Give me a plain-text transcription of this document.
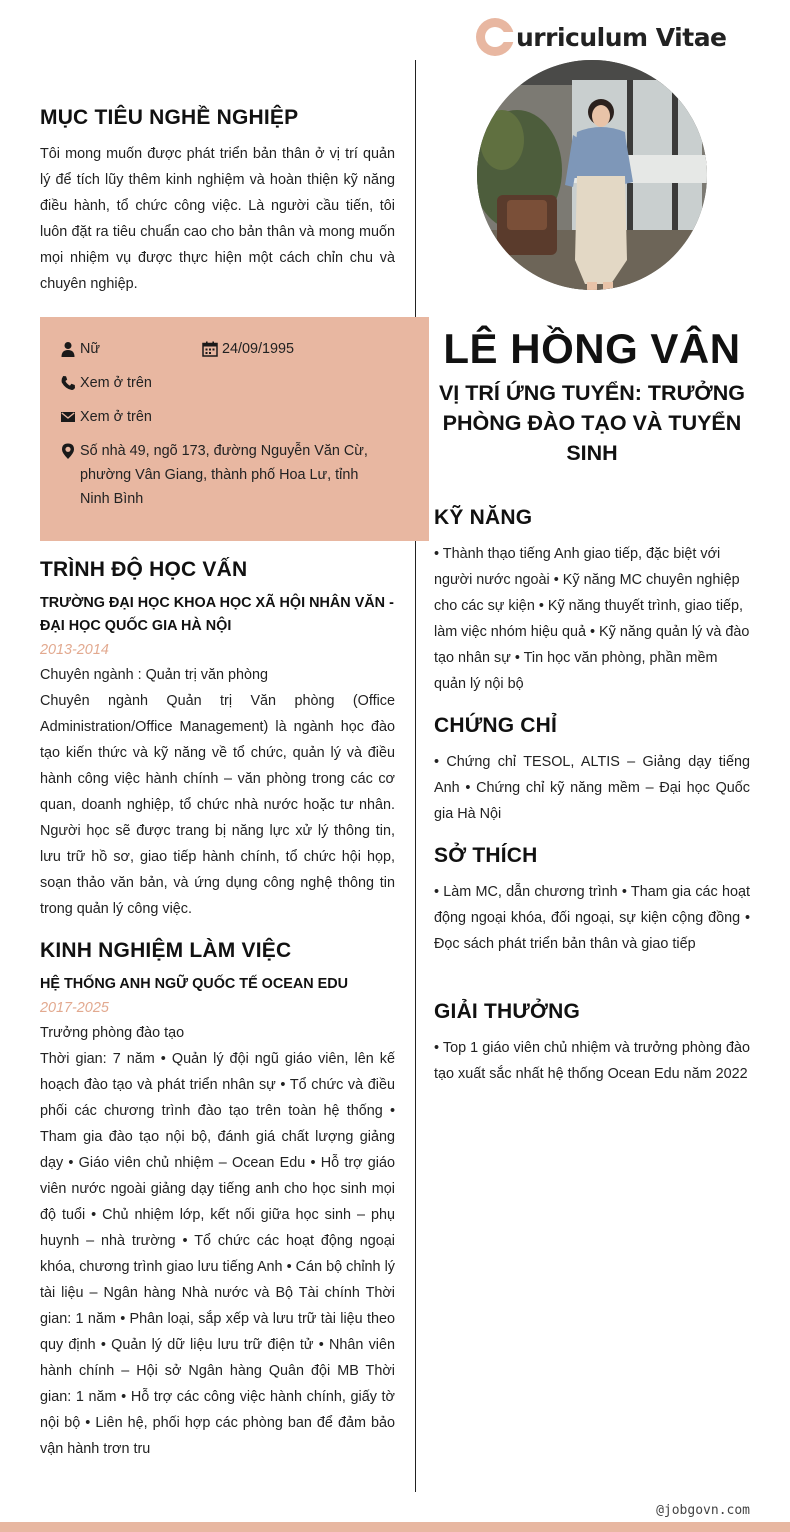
urriculum Vitae
MỤC TIÊU NGHỀ NGHIỆP

Tôi mong muốn được phát triển bản thân ở vị trí quản lý để tích lũy thêm kinh nghiệm và hoàn thiện kỹ năng điều hành, tổ chức công việc. Là người cầu tiến, tôi luôn đặt ra tiêu chuẩn cao cho bản thân và mong muốn mọi nhiệm vụ được thực hiện một cách chỉn chu và chuyên nghiệp.

Nữ	24/09/1995
Xem ở trên
Xem ở trên
Số nhà 49, ngõ 173, đường Nguyễn Văn Cừ, phường Vân Giang, thành phố Hoa Lư, tỉnh Ninh Bình
TRÌNH ĐỘ HỌC VẤN
TRƯỜNG ĐẠI HỌC KHOA HỌC XÃ HỘI NHÂN VĂN - ĐẠI HỌC QUỐC GIA HÀ NỘI
2013-2014
Chuyên ngành : Quản trị văn phòng

Chuyên ngành Quản trị Văn phòng (Office Administration/Office Management) là ngành học đào tạo kiến thức và kỹ năng về tổ chức, quản lý và điều hành công việc hành chính – văn phòng trong các cơ quan, doanh nghiệp, tổ chức nhà nước hoặc tư nhân. Người học sẽ được trang bị năng lực xử lý thông tin, lưu trữ hồ sơ, giao tiếp hành chính, tổ chức hội họp, soạn thảo văn bản, và ứng dụng công nghệ thông tin trong quản lý công việc.

KINH NGHIỆM LÀM VIỆC
HỆ THỐNG ANH NGỮ QUỐC TẾ OCEAN EDU
2017-2025
Trưởng phòng đào tạo

Thời gian: 7 năm • Quản lý đội ngũ giáo viên, lên kế hoạch đào tạo và phát triển nhân sự • Tổ chức và điều phối các chương trình đào tạo trên toàn hệ thống • Tham gia đào tạo nội bộ, đánh giá chất lượng giảng dạy • Giáo viên chủ nhiệm – Ocean Edu • Hỗ trợ giáo viên nước ngoài giảng dạy tiếng anh cho học sinh mọi độ tuổi • Chủ nhiệm lớp, kết nối giữa học sinh – phụ huynh – nhà trường • Tổ chức các hoạt động ngoại khóa, chương trình giao lưu tiếng Anh • Cán bộ chỉnh lý tài liệu – Ngân hàng Nhà nước và Bộ Tài chính Thời gian: 1 năm • Phân loại, sắp xếp và lưu trữ tài liệu theo quy định • Quản lý dữ liệu lưu trữ điện tử • Nhân viên hành chính – Hội sở Ngân hàng Quân đội MB Thời gian: 1 năm • Hỗ trợ các công việc hành chính, giấy tờ nội bộ • Liên hệ, phối hợp các phòng ban để đảm bảo vận hành trơn tru

LÊ HỒNG VÂN
VỊ TRÍ ỨNG TUYỂN: TRƯỞNG PHÒNG ĐÀO TẠO VÀ TUYỂN SINH
KỸ NĂNG

• Thành thạo tiếng Anh giao tiếp, đặc biệt với người nước ngoài • Kỹ năng MC chuyên nghiệp cho các sự kiện • Kỹ năng thuyết trình, giao tiếp, làm việc nhóm hiệu quả • Kỹ năng quản lý và đào tạo nhân sự • Tin học văn phòng, phần mềm quản lý nội bộ

CHỨNG CHỈ

• Chứng chỉ TESOL, ALTIS – Giảng dạy tiếng Anh • Chứng chỉ kỹ năng mềm – Đại học Quốc gia Hà Nội

SỞ THÍCH

• Làm MC, dẫn chương trình • Tham gia các hoạt động ngoại khóa, đối ngoại, sự kiện cộng đồng • Đọc sách phát triển bản thân và giao tiếp

GIẢI THƯỞNG

• Top 1 giáo viên chủ nhiệm và trưởng phòng đào tạo xuất sắc nhất hệ thống Ocean Edu năm 2022

@jobgovn.com
